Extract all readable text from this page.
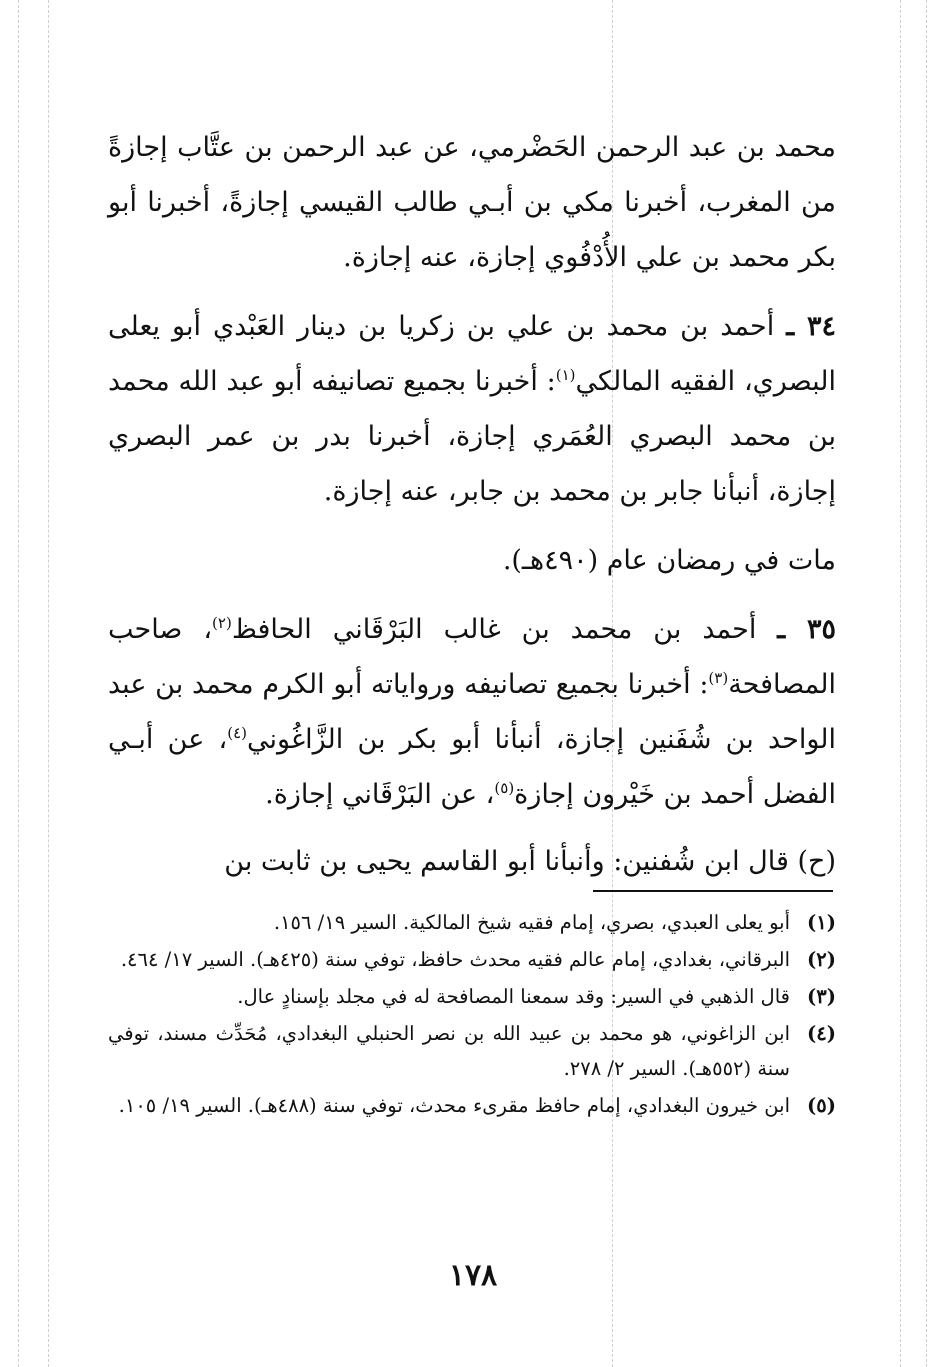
محمد بن عبد الرحمن الحَضْرمي، عن عبد الرحمن بن عتَّاب إجازةً من المغرب، أخبرنا مكي بن أبـي طالب القيسي إجازةً، أخبرنا أبو بكر محمد بن علي الأُدْفُوي إجازة، عنه إجازة.

٣٤ ـ أحمد بن محمد بن علي بن زكريا بن دينار العَبْدي أبو يعلى البصري، الفقيه المالكي$^{(١)}$: أخبرنا بجميع تصانيفه أبو عبد الله محمد بن محمد البصري العُمَري إجازة، أخبرنا بدر بن عمر البصري إجازة، أنبأنا جابر بن محمد بن جابر، عنه إجازة.

مات في رمضان عام (٤٩٠هـ).

٣٥ ـ أحمد بن محمد بن غالب البَرْقَاني الحافظ$^{(٢)}$، صاحب المصافحة$^{(٣)}$: أخبرنا بجميع تصانيفه ورواياته أبو الكرم محمد بن عبد الواحد بن شُفَنين إجازة، أنبأنا أبو بكر بن الزَّاغُوني$^{(٤)}$، عن أبـي الفضل أحمد بن خَيْرون إجازة$^{(٥)}$، عن البَرْقَاني إجازة.

(ح) قال ابن شُفنين: وأنبأنا أبو القاسم يحيى بن ثابت بن

(١)
أبو يعلى العبدي، بصري، إمام فقيه شيخ المالكية. السير ١٩/ ١٥٦.

(٢)
البرقاني، بغدادي، إمام عالم فقيه محدث حافظ، توفي سنة (٤٢٥هـ). السير ١٧/ ٤٦٤.

(٣)
قال الذهبي في السير: وقد سمعنا المصافحة له في مجلد بإسنادٍ عال.

(٤)
ابن الزاغوني، هو محمد بن عبيد الله بن نصر الحنبلي البغدادي، مُحَدِّث مسند، توفي سنة (٥٥٢هـ). السير ٢/ ٢٧٨.

(٥)
ابن خيرون البغدادي، إمام حافظ مقرىء محدث، توفي سنة (٤٨٨هـ). السير ١٩/ ١٠٥.

١٧٨
